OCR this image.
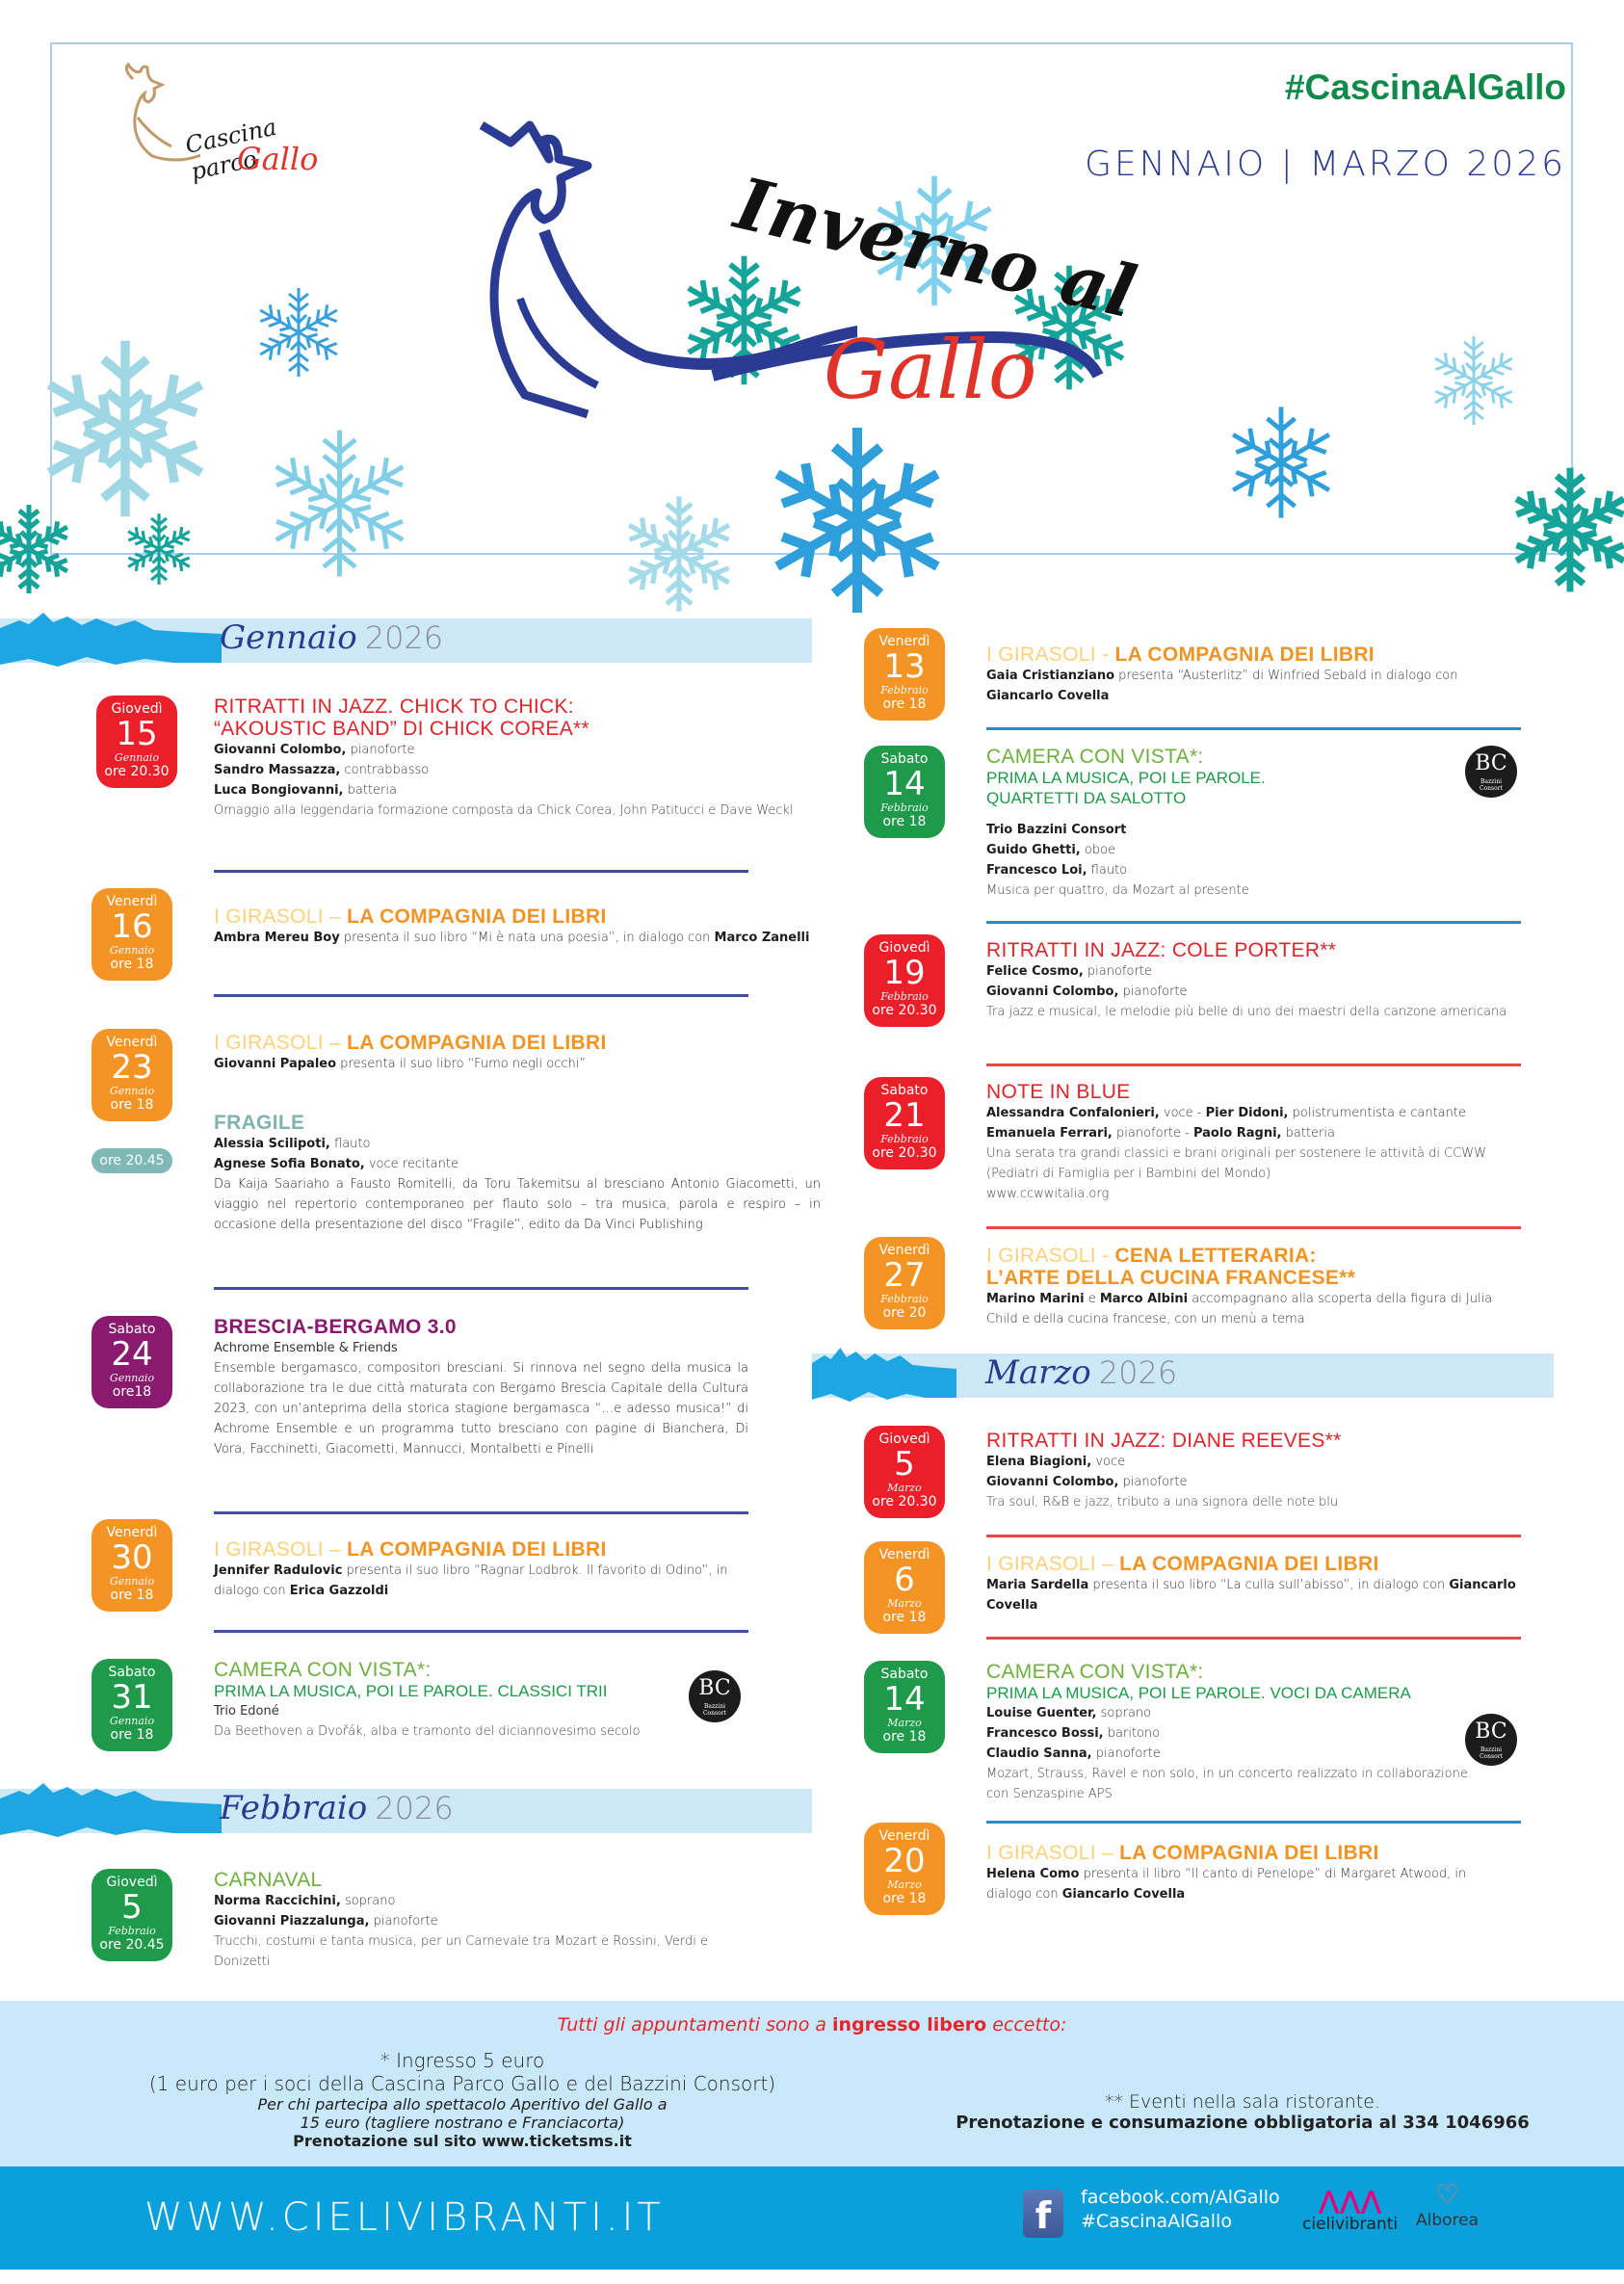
Cascina parco
Gallo
#CascinaAlGallo
GENNAIO | MARZO 2026
Inverno al
Gallo
Gennaio 2026
Febbraio 2026
Marzo 2026
Giovedì
15
Gennaio
ore 20.30
RITRATTI IN JAZZ. CHICK TO CHICK:
“AKOUSTIC BAND” DI CHICK COREA**
Giovanni Colombo, pianoforte
Sandro Massazza, contrabbasso
Luca Bongiovanni, batteria
Omaggio alla leggendaria formazione composta da Chick Corea, John Patitucci e Dave Weckl
Venerdì
16
Gennaio
ore 18
I GIRASOLI – LA COMPAGNIA DEI LIBRI
Ambra Mereu Boy presenta il suo libro “Mi è nata una poesia”, in dialogo con Marco Zanelli
Venerdì
23
Gennaio
ore 18
I GIRASOLI – LA COMPAGNIA DEI LIBRI
Giovanni Papaleo presenta il suo libro “Fumo negli occhi”
ore 20.45
FRAGILE
Alessia Scilipoti, flauto
Agnese Sofia Bonato, voce recitante
Da Kaija Saariaho a Fausto Romitelli, da Toru Takemitsu al bresciano Antonio Giacometti, un viaggio nel repertorio contemporaneo per flauto solo – tra musica, parola e respiro – in occasione della presentazione del disco “Fragile”, edito da Da Vinci Publishing
Sabato
24
Gennaio
ore18
BRESCIA-BERGAMO 3.0
Achrome Ensemble & Friends
Ensemble bergamasco, compositori bresciani. Si rinnova nel segno della musica la collaborazione tra le due città maturata con Bergamo Brescia Capitale della Cultura 2023, con un’anteprima della storica stagione bergamasca “…e adesso musica!” di Achrome Ensemble e un programma tutto bresciano con pagine di Bianchera, Di Vora, Facchinetti, Giacometti, Mannucci, Montalbetti e Pinelli
Venerdì
30
Gennaio
ore 18
I GIRASOLI – LA COMPAGNIA DEI LIBRI
Jennifer Radulovic presenta il suo libro “Ragnar Lodbrok. Il favorito di Odino”, in dialogo con Erica Gazzoldi
Sabato
31
Gennaio
ore 18
CAMERA CON VISTA*:
PRIMA LA MUSICA, POI LE PAROLE. CLASSICI TRII
Trio Edoné
Da Beethoven a Dvořák, alba e tramonto del diciannovesimo secolo
BC
Bazzini
Consort
Giovedì
5
Febbraio
ore 20.45
CARNAVAL
Norma Raccichini, soprano
Giovanni Piazzalunga, pianoforte
Trucchi, costumi e tanta musica, per un Carnevale tra Mozart e Rossini, Verdi e Donizetti
Venerdì
13
Febbraio
ore 18
I GIRASOLI - LA COMPAGNIA DEI LIBRI
Gaia Cristianziano presenta “Austerlitz” di Winfried Sebald in dialogo con Giancarlo Covella
Sabato
14
Febbraio
ore 18
CAMERA CON VISTA*:
PRIMA LA MUSICA, POI LE PAROLE.
QUARTETTI DA SALOTTO
Trio Bazzini Consort
Guido Ghetti, oboe
Francesco Loi, flauto
Musica per quattro, da Mozart al presente
BC
Bazzini
Consort
Giovedì
19
Febbraio
ore 20.30
RITRATTI IN JAZZ: COLE PORTER**
Felice Cosmo, pianoforte
Giovanni Colombo, pianoforte
Tra jazz e musical, le melodie più belle di uno dei maestri della canzone americana
Sabato
21
Febbraio
ore 20.30
NOTE IN BLUE
Alessandra Confalonieri, voce - Pier Didoni, polistrumentista e cantante
Emanuela Ferrari, pianoforte - Paolo Ragni, batteria
Una serata tra grandi classici e brani originali per sostenere le attività di CCWW (Pediatri di Famiglia per i Bambini del Mondo)
www.ccwwitalia.org
Venerdì
27
Febbraio
ore 20
I GIRASOLI - CENA LETTERARIA:
L’ARTE DELLA CUCINA FRANCESE**
Marino Marini e Marco Albini accompagnano alla scoperta della figura di Julia Child e della cucina francese, con un menù a tema
Giovedì
5
Marzo
ore 20.30
RITRATTI IN JAZZ: DIANE REEVES**
Elena Biagioni, voce
Giovanni Colombo, pianoforte
Tra soul, R&B e jazz, tributo a una signora delle note blu
Venerdì
6
Marzo
ore 18
I GIRASOLI – LA COMPAGNIA DEI LIBRI
Maria Sardella presenta il suo libro “La culla sull’abisso”, in dialogo con Giancarlo Covella
Sabato
14
Marzo
ore 18
CAMERA CON VISTA*:
PRIMA LA MUSICA, POI LE PAROLE. VOCI DA CAMERA
Louise Guenter, soprano
Francesco Bossi, baritono
Claudio Sanna, pianoforte
Mozart, Strauss, Ravel e non solo, in un concerto realizzato in collaborazione con Senzaspine APS
BC
Bazzini
Consort
Venerdì
20
Marzo
ore 18
I GIRASOLI – LA COMPAGNIA DEI LIBRI
Helena Como presenta il libro “Il canto di Penelope” di Margaret Atwood, in dialogo con Giancarlo Covella
Tutti gli appuntamenti sono a ingresso libero eccetto:
* Ingresso 5 euro
(1 euro per i soci della Cascina Parco Gallo e del Bazzini Consort)
Per chi partecipa allo spettacolo Aperitivo del Gallo a
15 euro (tagliere nostrano e Franciacorta)
Prenotazione sul sito www.ticketsms.it
** Eventi nella sala ristorante.
Prenotazione e consumazione obbligatoria al 334 1046966
WWW.CIELIVIBRANTI.IT	f	facebook.com/AlGallo
#CascinaAlGallo
⋀⋀⋀
cielivibranti
♡
Alborea
